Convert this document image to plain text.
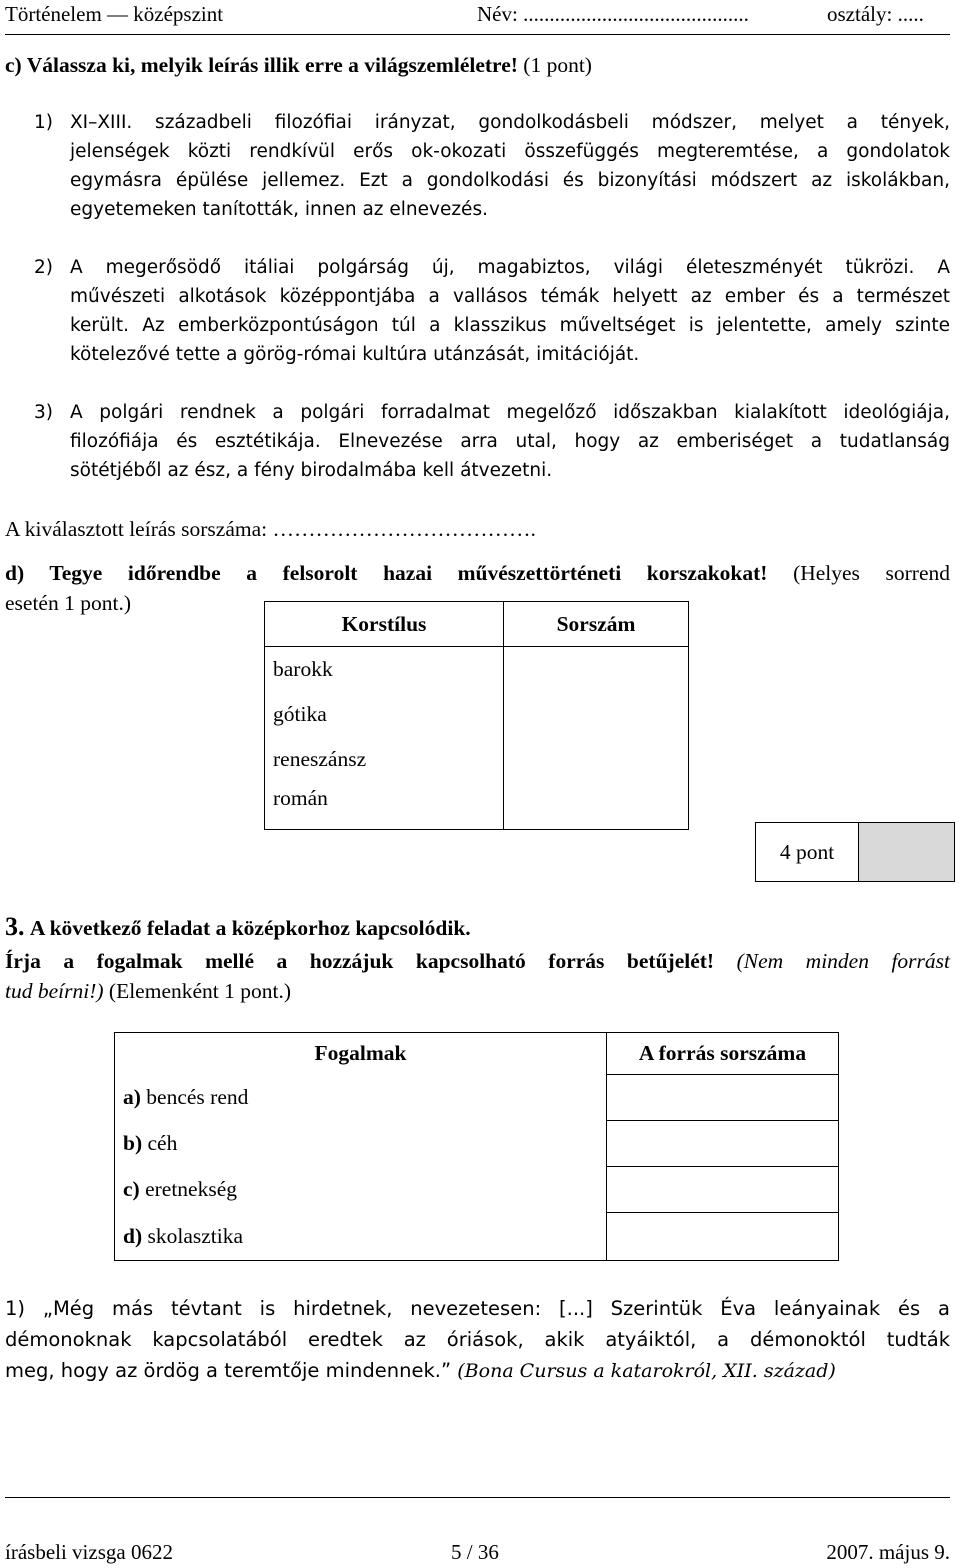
Történelem — középszint	Név: ...........................................	osztály: .....
c) Válassza ki, melyik leírás illik erre a világszemléletre! (1 pont)
1) XI–XIII. századbeli filozófiai irányzat, gondolkodásbeli módszer, melyet a tények,
jelenségek közti rendkívül erős ok-okozati összefüggés megteremtése, a gondolatok
egymásra épülése jellemez. Ezt a gondolkodási és bizonyítási módszert az iskolákban,
egyetemeken tanították, innen az elnevezés.
2) A megerősödő itáliai polgárság új, magabiztos, világi életeszményét tükrözi. A
művészeti alkotások középpontjába a vallásos témák helyett az ember és a természet
került. Az emberközpontúságon túl a klasszikus műveltséget is jelentette, amely szinte
kötelezővé tette a görög-római kultúra utánzását, imitációját.
3) A polgári rendnek a polgári forradalmat megelőző időszakban kialakított ideológiája,
filozófiája és esztétikája. Elnevezése arra utal, hogy az emberiséget a tudatlanság
sötétjéből az ész, a fény birodalmába kell átvezetni.
A kiválasztott leírás sorszáma: ……………………………….
d) Tegye időrendbe a felsorolt hazai művészettörténeti korszakokat! (Helyes sorrend
esetén 1 pont.)
Korstílus	Sorszám
barokk	
gótika	
reneszánsz	
román	
4 pont
3. A következő feladat a középkorhoz kapcsolódik.
Írja a fogalmak mellé a hozzájuk kapcsolható forrás betűjelét! (Nem minden forrást
tud beírni!) (Elemenként 1 pont.)
Fogalmak	A forrás sorszáma
a) bencés rend	
b) céh	
c) eretnekség	
d) skolasztika	
1) „Még más tévtant is hirdetnek, nevezetesen: [...] Szerintük Éva leányainak és a
démonoknak kapcsolatából eredtek az óriások, akik atyáiktól, a démonoktól tudták
meg, hogy az ördög a teremtője mindennek.” (Bona Cursus a katarokról, XII. század)
írásbeli vizsga 0622	5 / 36	2007. május 9.
